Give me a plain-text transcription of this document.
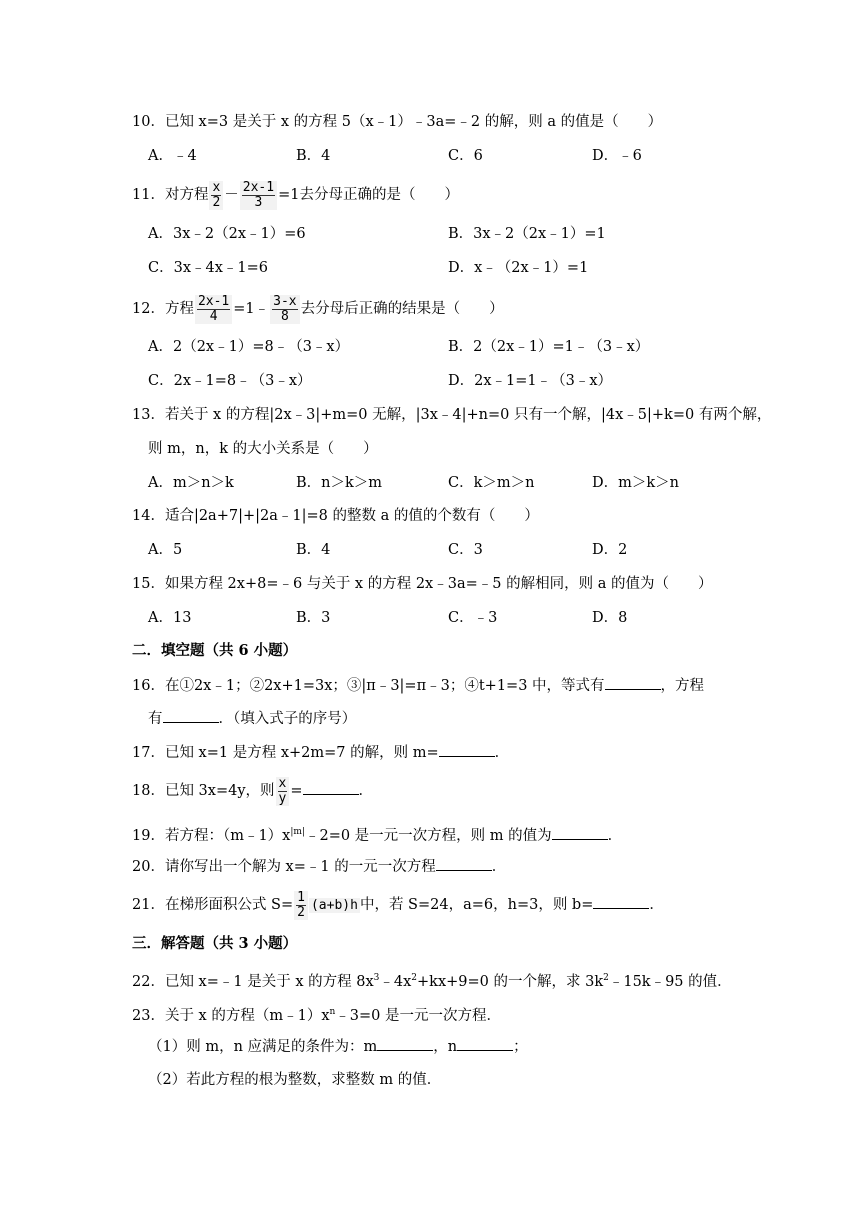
10．已知 x=3 是关于 x 的方程 5（x﹣1）﹣3a=﹣2 的解，则 a 的值是（　　）
A．﹣4	B．4	C．6	D．﹣6
11．对方程 $\frac{x}{2} - \frac{2x-1}{3} =1$去分母正确的是（　　）
A．3x﹣2（2x﹣1）=6	B．3x﹣2（2x﹣1）=1
C．3x﹣4x﹣1=6	D．x﹣（2x﹣1）=1
12．方程 $\frac{2x-1}{4}$ =1﹣ $\frac{3-x}{8}$ 去分母后正确的结果是（　　）
A．2（2x﹣1）=8﹣（3﹣x）	B．2（2x﹣1）=1﹣（3﹣x）
C．2x﹣1=8﹣（3﹣x）	D．2x﹣1=1﹣（3﹣x）
13．若关于 x 的方程|2x﹣3|+m=0 无解，|3x﹣4|+n=0 只有一个解，|4x﹣5|+k=0 有两个解，
则 m，n，k 的大小关系是（　　）
A．m＞n＞k	B．n＞k＞m	C．k＞m＞n	D．m＞k＞n
14．适合|2a+7|+|2a﹣1|=8 的整数 a 的值的个数有（　　）
A．5	B．4	C．3	D．2
15．如果方程 2x+8=﹣6 与关于 x 的方程 2x﹣3a=﹣5 的解相同，则 a 的值为（　　）
A．13	B．3	C．﹣3	D．8
二．填空题（共 6 小题）
16．在①2x﹣1；②2x+1=3x；③|π﹣3|=π﹣3；④t+1=3 中，等式有	，方程
有	．（填入式子的序号）
17．已知 x=1 是方程 x+2m=7 的解，则 m=	．
18．已知 3x=4y，则 $\frac{x}{y}$ =	．
19．若方程：$(m﹣1)x^{|m|}﹣2=0$ 是一元一次方程，则 m 的值为	．
20．请你写出一个解为 x=﹣1 的一元一次方程	．
21．在梯形面积公式 $S= \frac{1}{2} (a+b)h$ 中，若 S=24，a=6，h=3，则 b=	．
三．解答题（共 3 小题）
22．已知 x=﹣1 是关于 x 的方程 $8x^3﹣4x^2+kx+9=0$ 的一个解，求 $3k^2﹣15k﹣95$ 的值．
23．关于 x 的方程$(m﹣1)x^n﹣3=0$ 是一元一次方程．
（1）则 m，n 应满足的条件为：m	，n	；
（2）若此方程的根为整数，求整数 m 的值．
